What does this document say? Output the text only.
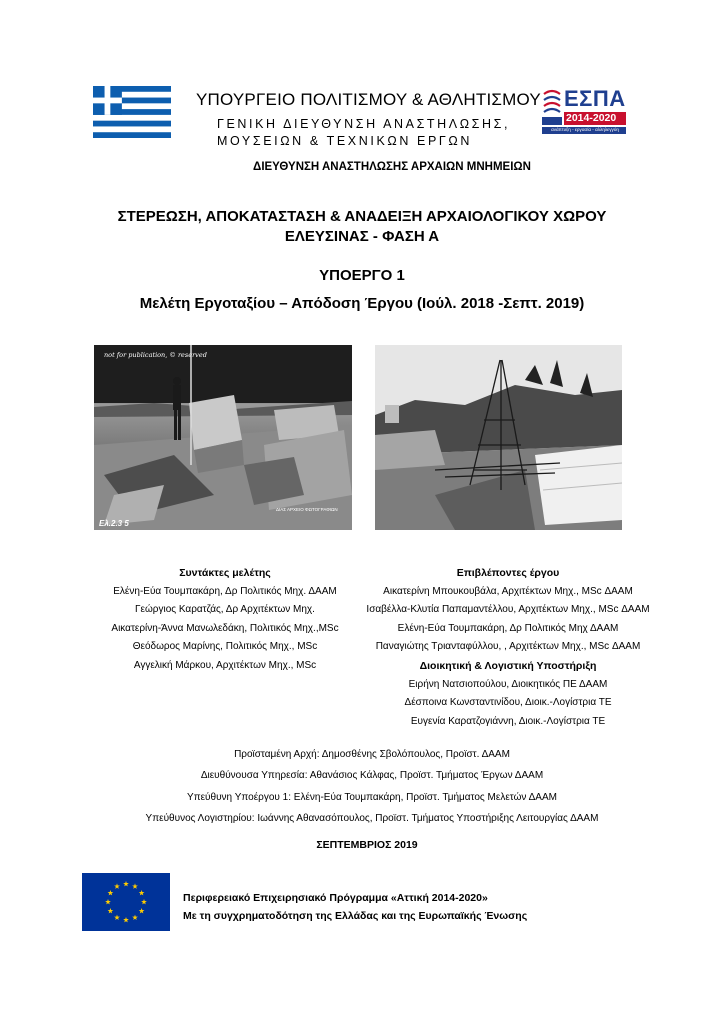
ΥΠΟΥΡΓΕΙΟ ΠΟΛΙΤΙΣΜΟΥ & ΑΘΛΗΤΙΣΜΟΥ
ΓΕΝΙΚΗ ΔΙΕΥΘΥΝΣΗ ΑΝΑΣΤΗΛΩΣΗΣ,
ΜΟΥΣΕΙΩΝ & ΤΕΧΝΙΚΩΝ ΕΡΓΩΝ
ΔΙΕΥΘΥΝΣΗ ΑΝΑΣΤΗΛΩΣΗΣ ΑΡΧΑΙΩΝ ΜΝΗΜΕΙΩΝ
ΕΣΠΑ
2014-2020
ανάπτυξη - εργασία - αλληλεγγύη
ΣΤΕΡΕΩΣΗ, ΑΠΟΚΑΤΑΣΤΑΣΗ & ΑΝΑΔΕΙΞΗ ΑΡΧΑΙΟΛΟΓΙΚΟΥ ΧΩΡΟΥ
ΕΛΕΥΣΙΝΑΣ - ΦΑΣΗ Α
ΥΠΟΕΡΓΟ 1
Μελέτη Εργοταξίου – Απόδοση Έργου (Ιούλ. 2018 -Σεπτ. 2019)
not for publication, © reserved
Ελ.2.3 5
ΔΙΑΣ ΑΡΧΕΙΟ ΦΩΤΟΓΡΑΦΙΩΝ
Συντάκτες μελέτης
Ελένη-Εύα Τουμπακάρη, Δρ Πολιτικός Μηχ. ΔΑΑΜ
Γεώργιος Καρατζάς, Δρ Αρχιτέκτων Μηχ.
Αικατερίνη-Άννα Μανωλεδάκη, Πολιτικός Μηχ.,MSc
Θεόδωρος Μαρίνης, Πολιτικός Μηχ., MSc
Αγγελική Μάρκου, Αρχιτέκτων Μηχ., MSc
Επιβλέποντες έργου
Αικατερίνη Μπουκουβάλα, Αρχιτέκτων Μηχ., MSc ΔΑΑΜ
Ισαβέλλα-Κλυτία Παπαμαντέλλου, Αρχιτέκτων Μηχ., MSc ΔΑΑΜ
Ελένη-Εύα Τουμπακάρη, Δρ Πολιτικός Μηχ ΔΑΑΜ
Παναγιώτης Τριανταφύλλου, , Αρχιτέκτων Μηχ., MSc ΔΑΑΜ
Διοικητική & Λογιστική Υποστήριξη
Ειρήνη Νατσιοπούλου, Διοικητικός ΠΕ ΔΑΑΜ
Δέσποινα Κωνσταντινίδου, Διοικ.-Λογίστρια ΤΕ
Ευγενία Καρατζογιάννη, Διοικ.-Λογίστρια ΤΕ
Προϊσταμένη Αρχή: Δημοσθένης Σβολόπουλος, Προϊστ. ΔΑΑΜ
Διευθύνουσα Υπηρεσία: Αθανάσιος Κάλφας, Προϊστ. Τμήματος Έργων ΔΑΑΜ
Υπεύθυνη Υποέργου 1: Ελένη-Εύα Τουμπακάρη, Προϊστ. Τμήματος Μελετών ΔΑΑΜ
Υπεύθυνος Λογιστηρίου: Ιωάννης Αθανασόπουλος, Προϊστ. Τμήματος Υποστήριξης Λειτουργίας ΔΑΑΜ
ΣΕΠΤΕΜΒΡΙΟΣ 2019
Περιφερειακό Επιχειρησιακό Πρόγραμμα «Αττική 2014-2020»
Με τη συγχρηματοδότηση της Ελλάδας και της Ευρωπαϊκής Ένωσης
